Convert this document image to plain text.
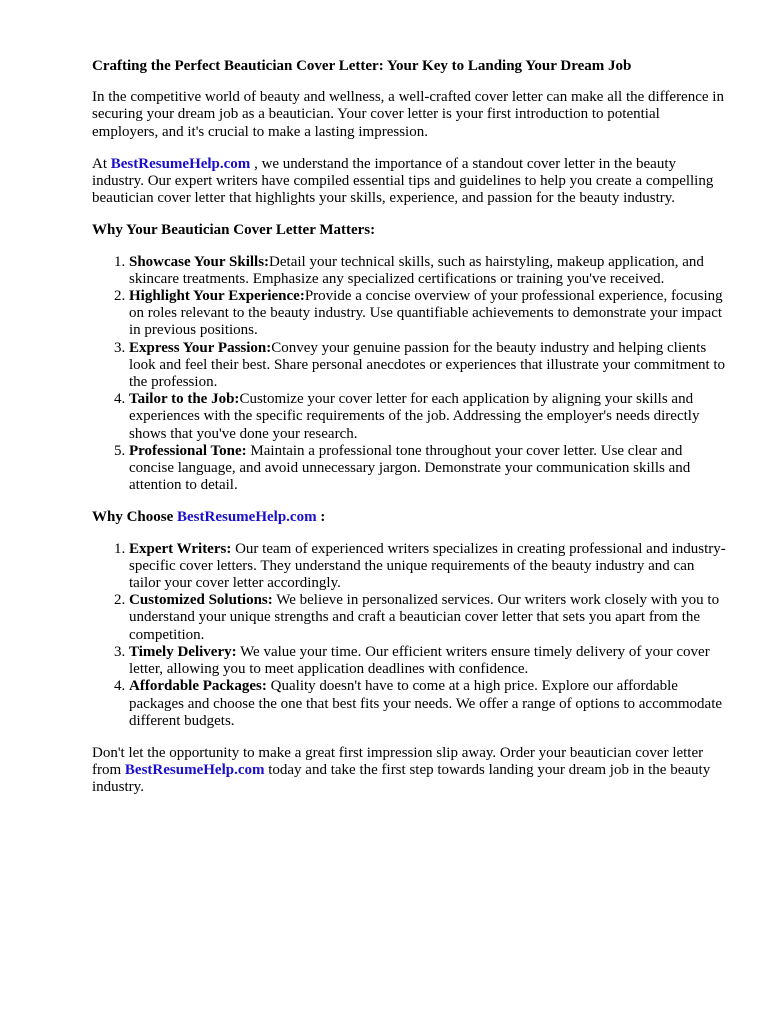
Crafting the Perfect Beautician Cover Letter: Your Key to Landing Your Dream Job

In the competitive world of beauty and wellness, a well-crafted cover letter can make all the difference in securing your dream job as a beautician. Your cover letter is your first introduction to potential employers, and it's crucial to make a lasting impression.

At BestResumeHelp.com , we understand the importance of a standout cover letter in the beauty industry. Our expert writers have compiled essential tips and guidelines to help you create a compelling beautician cover letter that highlights your skills, experience, and passion for the beauty industry.

Why Your Beautician Cover Letter Matters:
1. Showcase Your Skills:Detail your technical skills, such as hairstyling, makeup application, and skincare treatments. Emphasize any specialized certifications or training you've received.
2. Highlight Your Experience:Provide a concise overview of your professional experience, focusing on roles relevant to the beauty industry. Use quantifiable achievements to demonstrate your impact in previous positions.
3. Express Your Passion:Convey your genuine passion for the beauty industry and helping clients look and feel their best. Share personal anecdotes or experiences that illustrate your commitment to the profession.
4. Tailor to the Job:Customize your cover letter for each application by aligning your skills and experiences with the specific requirements of the job. Addressing the employer's needs directly shows that you've done your research.
5. Professional Tone: Maintain a professional tone throughout your cover letter. Use clear and concise language, and avoid unnecessary jargon. Demonstrate your communication skills and attention to detail.
Why Choose BestResumeHelp.com :
1. Expert Writers: Our team of experienced writers specializes in creating professional and industry-specific cover letters. They understand the unique requirements of the beauty industry and can tailor your cover letter accordingly.
2. Customized Solutions: We believe in personalized services. Our writers work closely with you to understand your unique strengths and craft a beautician cover letter that sets you apart from the competition.
3. Timely Delivery: We value your time. Our efficient writers ensure timely delivery of your cover letter, allowing you to meet application deadlines with confidence.
4. Affordable Packages: Quality doesn't have to come at a high price. Explore our affordable packages and choose the one that best fits your needs. We offer a range of options to accommodate different budgets.

Don't let the opportunity to make a great first impression slip away. Order your beautician cover letter from BestResumeHelp.com today and take the first step towards landing your dream job in the beauty industry.
